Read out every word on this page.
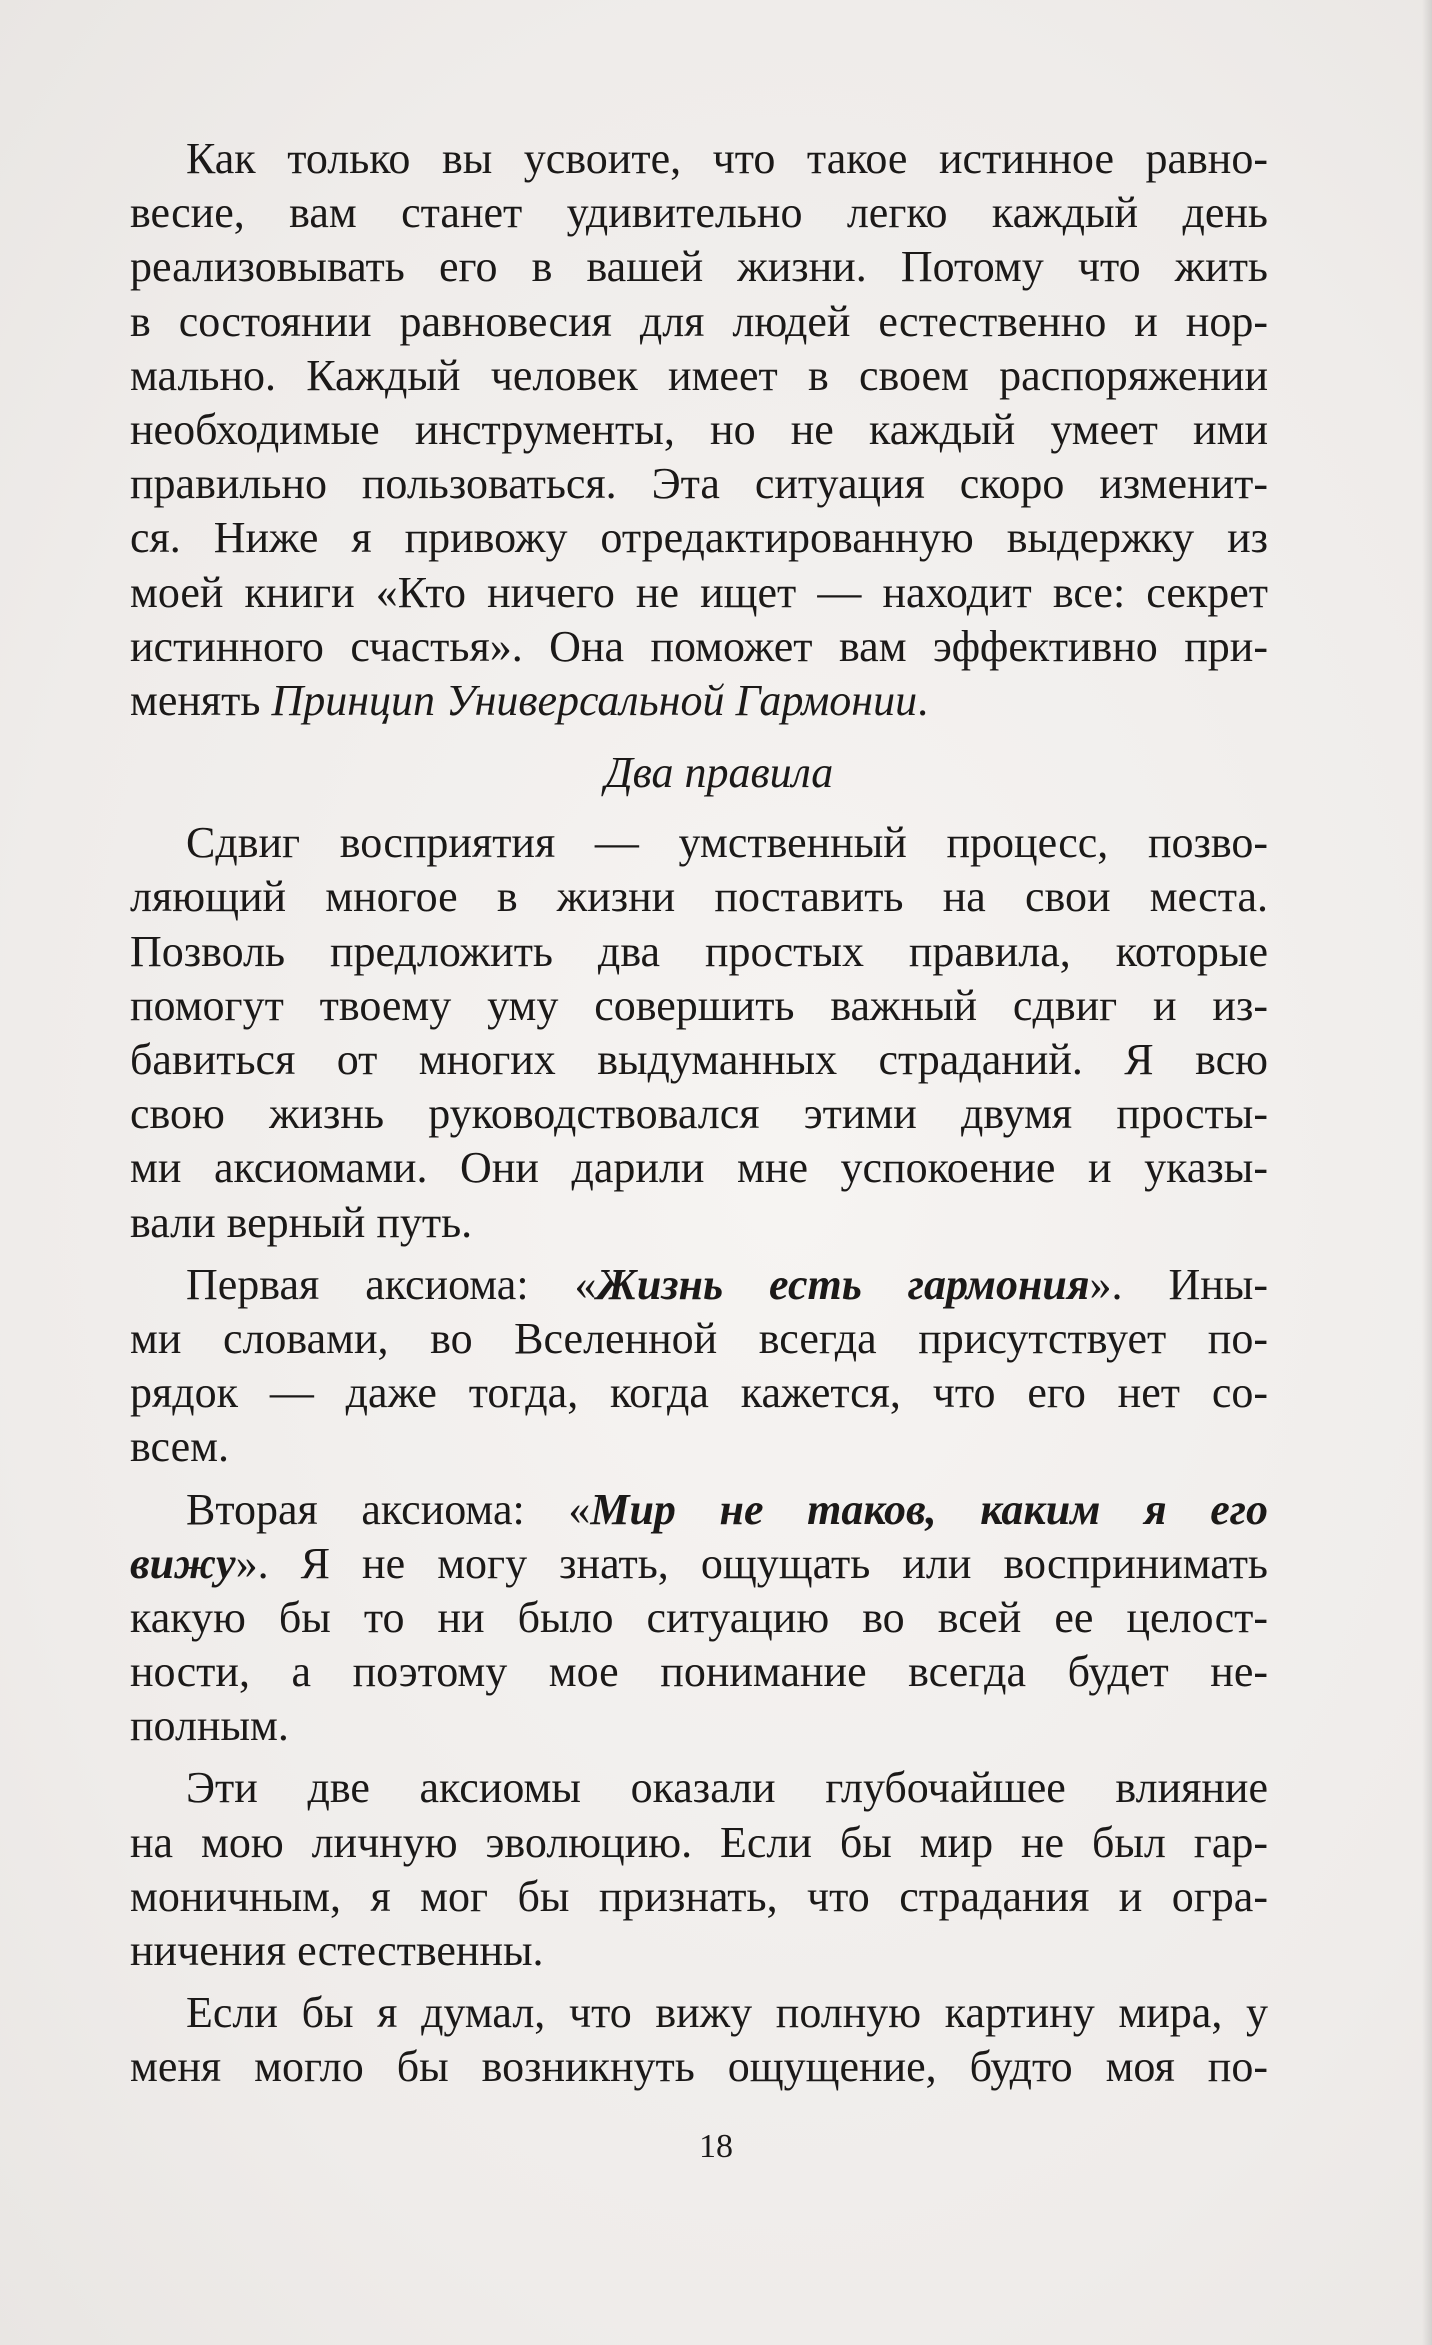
Как только вы усвоите, что такое истинное равно-
весие, вам станет удивительно легко каждый день
реализовывать его в вашей жизни. Потому что жить
в состоянии равновесия для людей естественно и нор-
мально. Каждый человек имеет в своем распоряжении
необходимые инструменты, но не каждый умеет ими
правильно пользоваться. Эта ситуация скоро изменит-
ся. Ниже я привожу отредактированную выдержку из
моей книги «Кто ничего не ищет — находит все: секрет
истинного счастья». Она поможет вам эффективно при-
менять Принцип Универсальной Гармонии.
Два правила
Сдвиг восприятия — умственный процесс, позво-
ляющий многое в жизни поставить на свои места.
Позволь предложить два простых правила, которые
помогут твоему уму совершить важный сдвиг и из-
бавиться от многих выдуманных страданий. Я всю
свою жизнь руководствовался этими двумя просты-
ми аксиомами. Они дарили мне успокоение и указы-
вали верный путь.
Первая аксиома: «Жизнь есть гармония». Ины-
ми словами, во Вселенной всегда присутствует по-
рядок — даже тогда, когда кажется, что его нет со-
всем.
Вторая аксиома: «Мир не таков, каким я его
вижу». Я не могу знать, ощущать или воспринимать
какую бы то ни было ситуацию во всей ее целост-
ности, а поэтому мое понимание всегда будет не-
полным.
Эти две аксиомы оказали глубочайшее влияние
на мою личную эволюцию. Если бы мир не был гар-
моничным, я мог бы признать, что страдания и огра-
ничения естественны.
Если бы я думал, что вижу полную картину мира, у
меня могло бы возникнуть ощущение, будто моя по-
18
